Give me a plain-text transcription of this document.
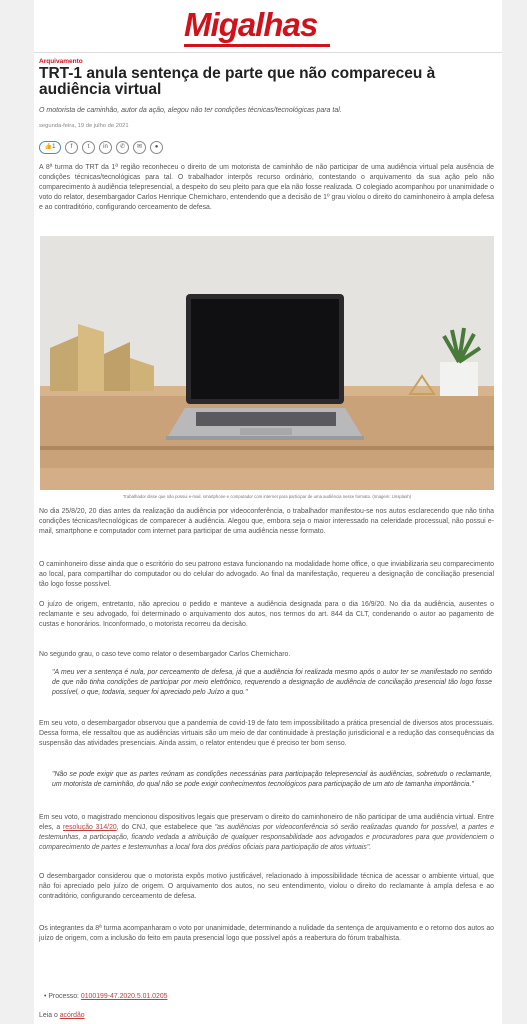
Migalhas
Arquivamento
TRT-1 anula sentença de parte que não compareceu à audiência virtual
O motorista de caminhão, autor da ação, alegou não ter condições técnicas/tecnológicas para tal.
segunda-feira, 19 de julho de 2021
👍1	f	t	in	✆	✉	●

A 8ª turma do TRT da 1ª região reconheceu o direito de um motorista de caminhão de não participar de uma audiência virtual pela ausência de condições técnicas/tecnológicas para tal. O trabalhador interpôs recurso ordinário, contestando o arquivamento da sua ação pelo não comparecimento à audiência telepresencial, a despeito do seu pleito para que ela não fosse realizada. O colegiado acompanhou por unanimidade o voto do relator, desembargador Carlos Henrique Chernicharo, entendendo que a decisão de 1º grau violou o direito do caminhoneiro à ampla defesa e ao contraditório, configurando cerceamento de defesa.

Trabalhador disse que não possui e-mail, smartphone e computador com internet para participar de uma audiência nesse formato. (Imagem: Unsplash)

No dia 25/8/20, 20 dias antes da realização da audiência por videoconferência, o trabalhador manifestou-se nos autos esclarecendo que não tinha condições técnicas/tecnológicas de comparecer à audiência. Alegou que, embora seja o maior interessado na celeridade processual, não possui e-mail, smartphone e computador com internet para participar de uma audiência nesse formato.

O caminhoneiro disse ainda que o escritório do seu patrono estava funcionando na modalidade home office, o que inviabilizaria seu comparecimento ao local, para compartilhar do computador ou do celular do advogado. Ao final da manifestação, requereu a designação de conciliação presencial tão logo fosse possível.

O juízo de origem, entretanto, não apreciou o pedido e manteve a audiência designada para o dia 16/9/20. No dia da audiência, ausentes o reclamante e seu advogado, foi determinado o arquivamento dos autos, nos termos do art. 844 da CLT, condenando o autor ao pagamento de custas e honorários. Inconformado, o motorista recorreu da decisão.

No segundo grau, o caso teve como relator o desembargador Carlos Chernicharo.

"A meu ver a sentença é nula, por cerceamento de defesa, já que a audiência foi realizada mesmo após o autor ter se manifestado no sentido de que não tinha condições de participar por meio eletrônico, requerendo a designação de audiência de conciliação presencial tão logo fosse possível, o que, todavia, sequer foi apreciado pelo Juízo a quo."

Em seu voto, o desembargador observou que a pandemia de covid-19 de fato tem impossibilitado a prática presencial de diversos atos processuais. Dessa forma, ele ressaltou que as audiências virtuais são um meio de dar continuidade à prestação jurisdicional e a redução das consequências da suspensão das atividades presenciais. Ainda assim, o relator entendeu que é preciso ter bom senso.

"Não se pode exigir que as partes reúnam as condições necessárias para participação telepresencial às audiências, sobretudo o reclamante, um motorista de caminhão, do qual não se pode exigir conhecimentos tecnológicos para participação de um ato de tamanha importância."

Em seu voto, o magistrado mencionou dispositivos legais que preservam o direito do caminhoneiro de não participar de uma audiência virtual. Entre eles, a resolução 314/20, do CNJ, que estabelece que "as audiências por videoconferência só serão realizadas quando for possível, a partes e testemunhas, a participação, ficando vedada a atribuição de qualquer responsabilidade aos advogados e procuradores para que providenciem o comparecimento de partes e testemunhas a local fora dos prédios oficiais para participação de atos virtuais".

O desembargador considerou que o motorista expôs motivo justificável, relacionado à impossibilidade técnica de acessar o ambiente virtual, que não foi apreciado pelo juízo de origem. O arquivamento dos autos, no seu entendimento, violou o direito do reclamante à ampla defesa e ao contraditório, configurando cerceamento de defesa.

Os integrantes da 8ª turma acompanharam o voto por unanimidade, determinando a nulidade da sentença de arquivamento e o retorno dos autos ao juízo de origem, com a inclusão do feito em pauta presencial logo que possível após a reabertura do fórum trabalhista.

• Processo: 0100199-47.2020.5.01.0205
Leia o acórdão
